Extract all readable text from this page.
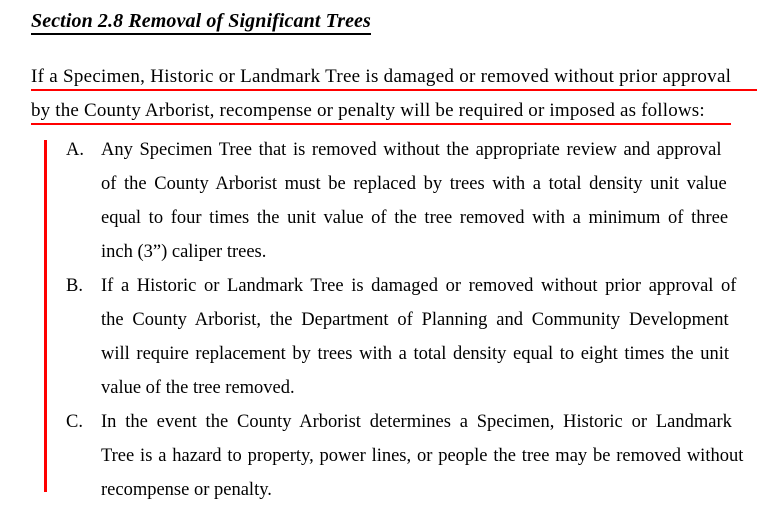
Section 2.8 Removal of Significant Trees
If a Specimen, Historic or Landmark Tree is damaged or removed without prior approval
by the County Arborist, recompense or penalty will be required or imposed as follows:
A. Any Specimen Tree that is removed without the appropriate review and approval
of the County Arborist must be replaced by trees with a total density unit value
equal to four times the unit value of the tree removed with a minimum of three
inch (3”) caliper trees.
B. If a Historic or Landmark Tree is damaged or removed without prior approval of
the County Arborist, the Department of Planning and Community Development
will require replacement by trees with a total density equal to eight times the unit
value of the tree removed.
C. In the event the County Arborist determines a Specimen, Historic or Landmark
Tree is a hazard to property, power lines, or people the tree may be removed without
recompense or penalty.
